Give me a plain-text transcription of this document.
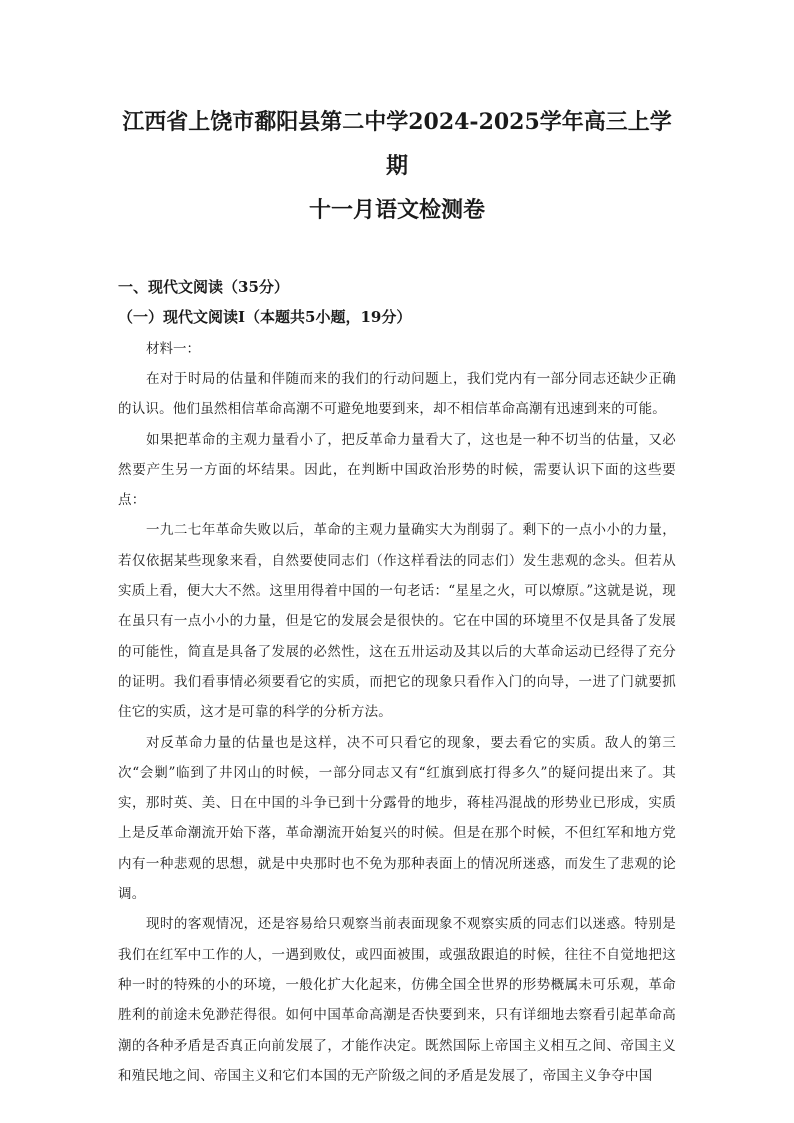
江西省上饶市鄱阳县第二中学2024-2025学年高三上学期
十一月语文检测卷
一、现代文阅读（35分）
（一）现代文阅读Ⅰ（本题共5小题，19分）

材料一：

在对于时局的估量和伴随而来的我们的行动问题上，我们党内有一部分同志还缺少正确的认识。他们虽然相信革命高潮不可避免地要到来，却不相信革命高潮有迅速到来的可能。

如果把革命的主观力量看小了，把反革命力量看大了，这也是一种不切当的估量，又必然要产生另一方面的坏结果。因此，在判断中国政治形势的时候，需要认识下面的这些要点：

一九二七年革命失败以后，革命的主观力量确实大为削弱了。剩下的一点小小的力量，若仅依据某些现象来看，自然要使同志们（作这样看法的同志们）发生悲观的念头。但若从实质上看，便大大不然。这里用得着中国的一句老话：“星星之火，可以燎原。”这就是说，现在虽只有一点小小的力量，但是它的发展会是很快的。它在中国的环境里不仅是具备了发展的可能性，简直是具备了发展的必然性，这在五卅运动及其以后的大革命运动已经得了充分的证明。我们看事情必须要看它的实质，而把它的现象只看作入门的向导，一进了门就要抓住它的实质，这才是可靠的科学的分析方法。

对反革命力量的估量也是这样，决不可只看它的现象，要去看它的实质。敌人的第三次“会剿”临到了井冈山的时候，一部分同志又有“红旗到底打得多久”的疑问提出来了。其实，那时英、美、日在中国的斗争已到十分露骨的地步，蒋桂冯混战的形势业已形成，实质上是反革命潮流开始下落，革命潮流开始复兴的时候。但是在那个时候，不但红军和地方党内有一种悲观的思想，就是中央那时也不免为那种表面上的情况所迷惑，而发生了悲观的论调。

现时的客观情况，还是容易给只观察当前表面现象不观察实质的同志们以迷惑。特别是我们在红军中工作的人，一遇到败仗，或四面被围，或强敌跟追的时候，往往不自觉地把这种一时的特殊的小的环境，一般化扩大化起来，仿佛全国全世界的形势概属未可乐观，革命胜利的前途未免渺茫得很。如何中国革命高潮是否快要到来，只有详细地去察看引起革命高潮的各种矛盾是否真正向前发展了，才能作决定。既然国际上帝国主义相互之间、帝国主义和殖民地之间、帝国主义和它们本国的无产阶级之间的矛盾是发展了，帝国主义争夺中国
